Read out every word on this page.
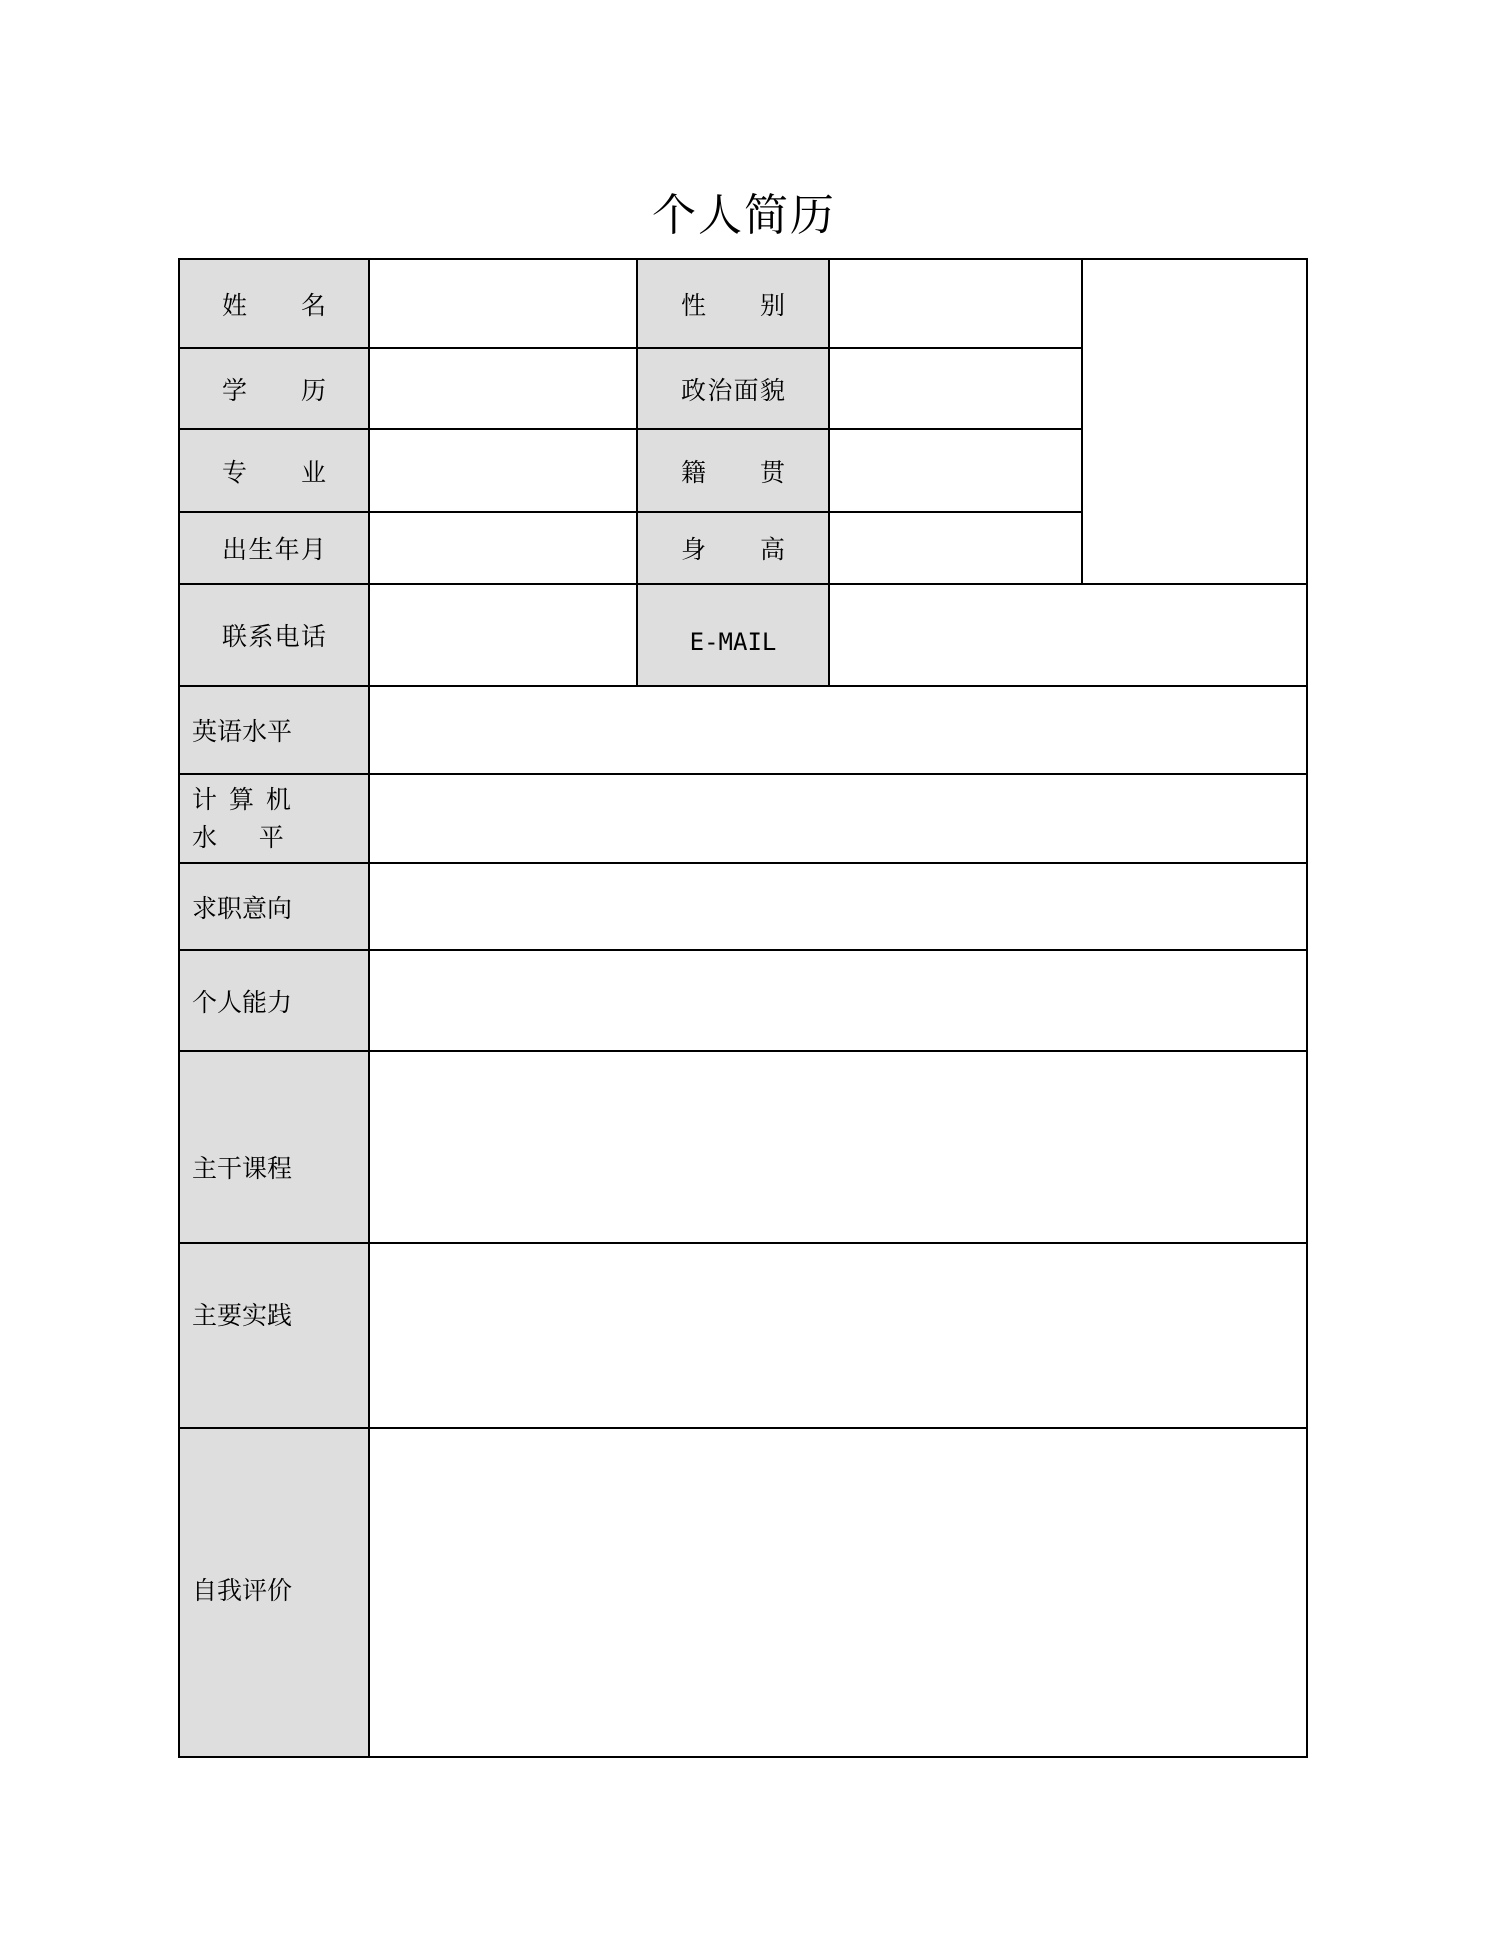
个人简历
姓名		性别		
学历		政治面貌		
专业		籍贯		
出生年月		身高		
联系电话		E-MAIL		
英语水平				

计 算 机
水    平				

求职意向				
个人能力				
主干课程				
主要实践				
自我评价				
